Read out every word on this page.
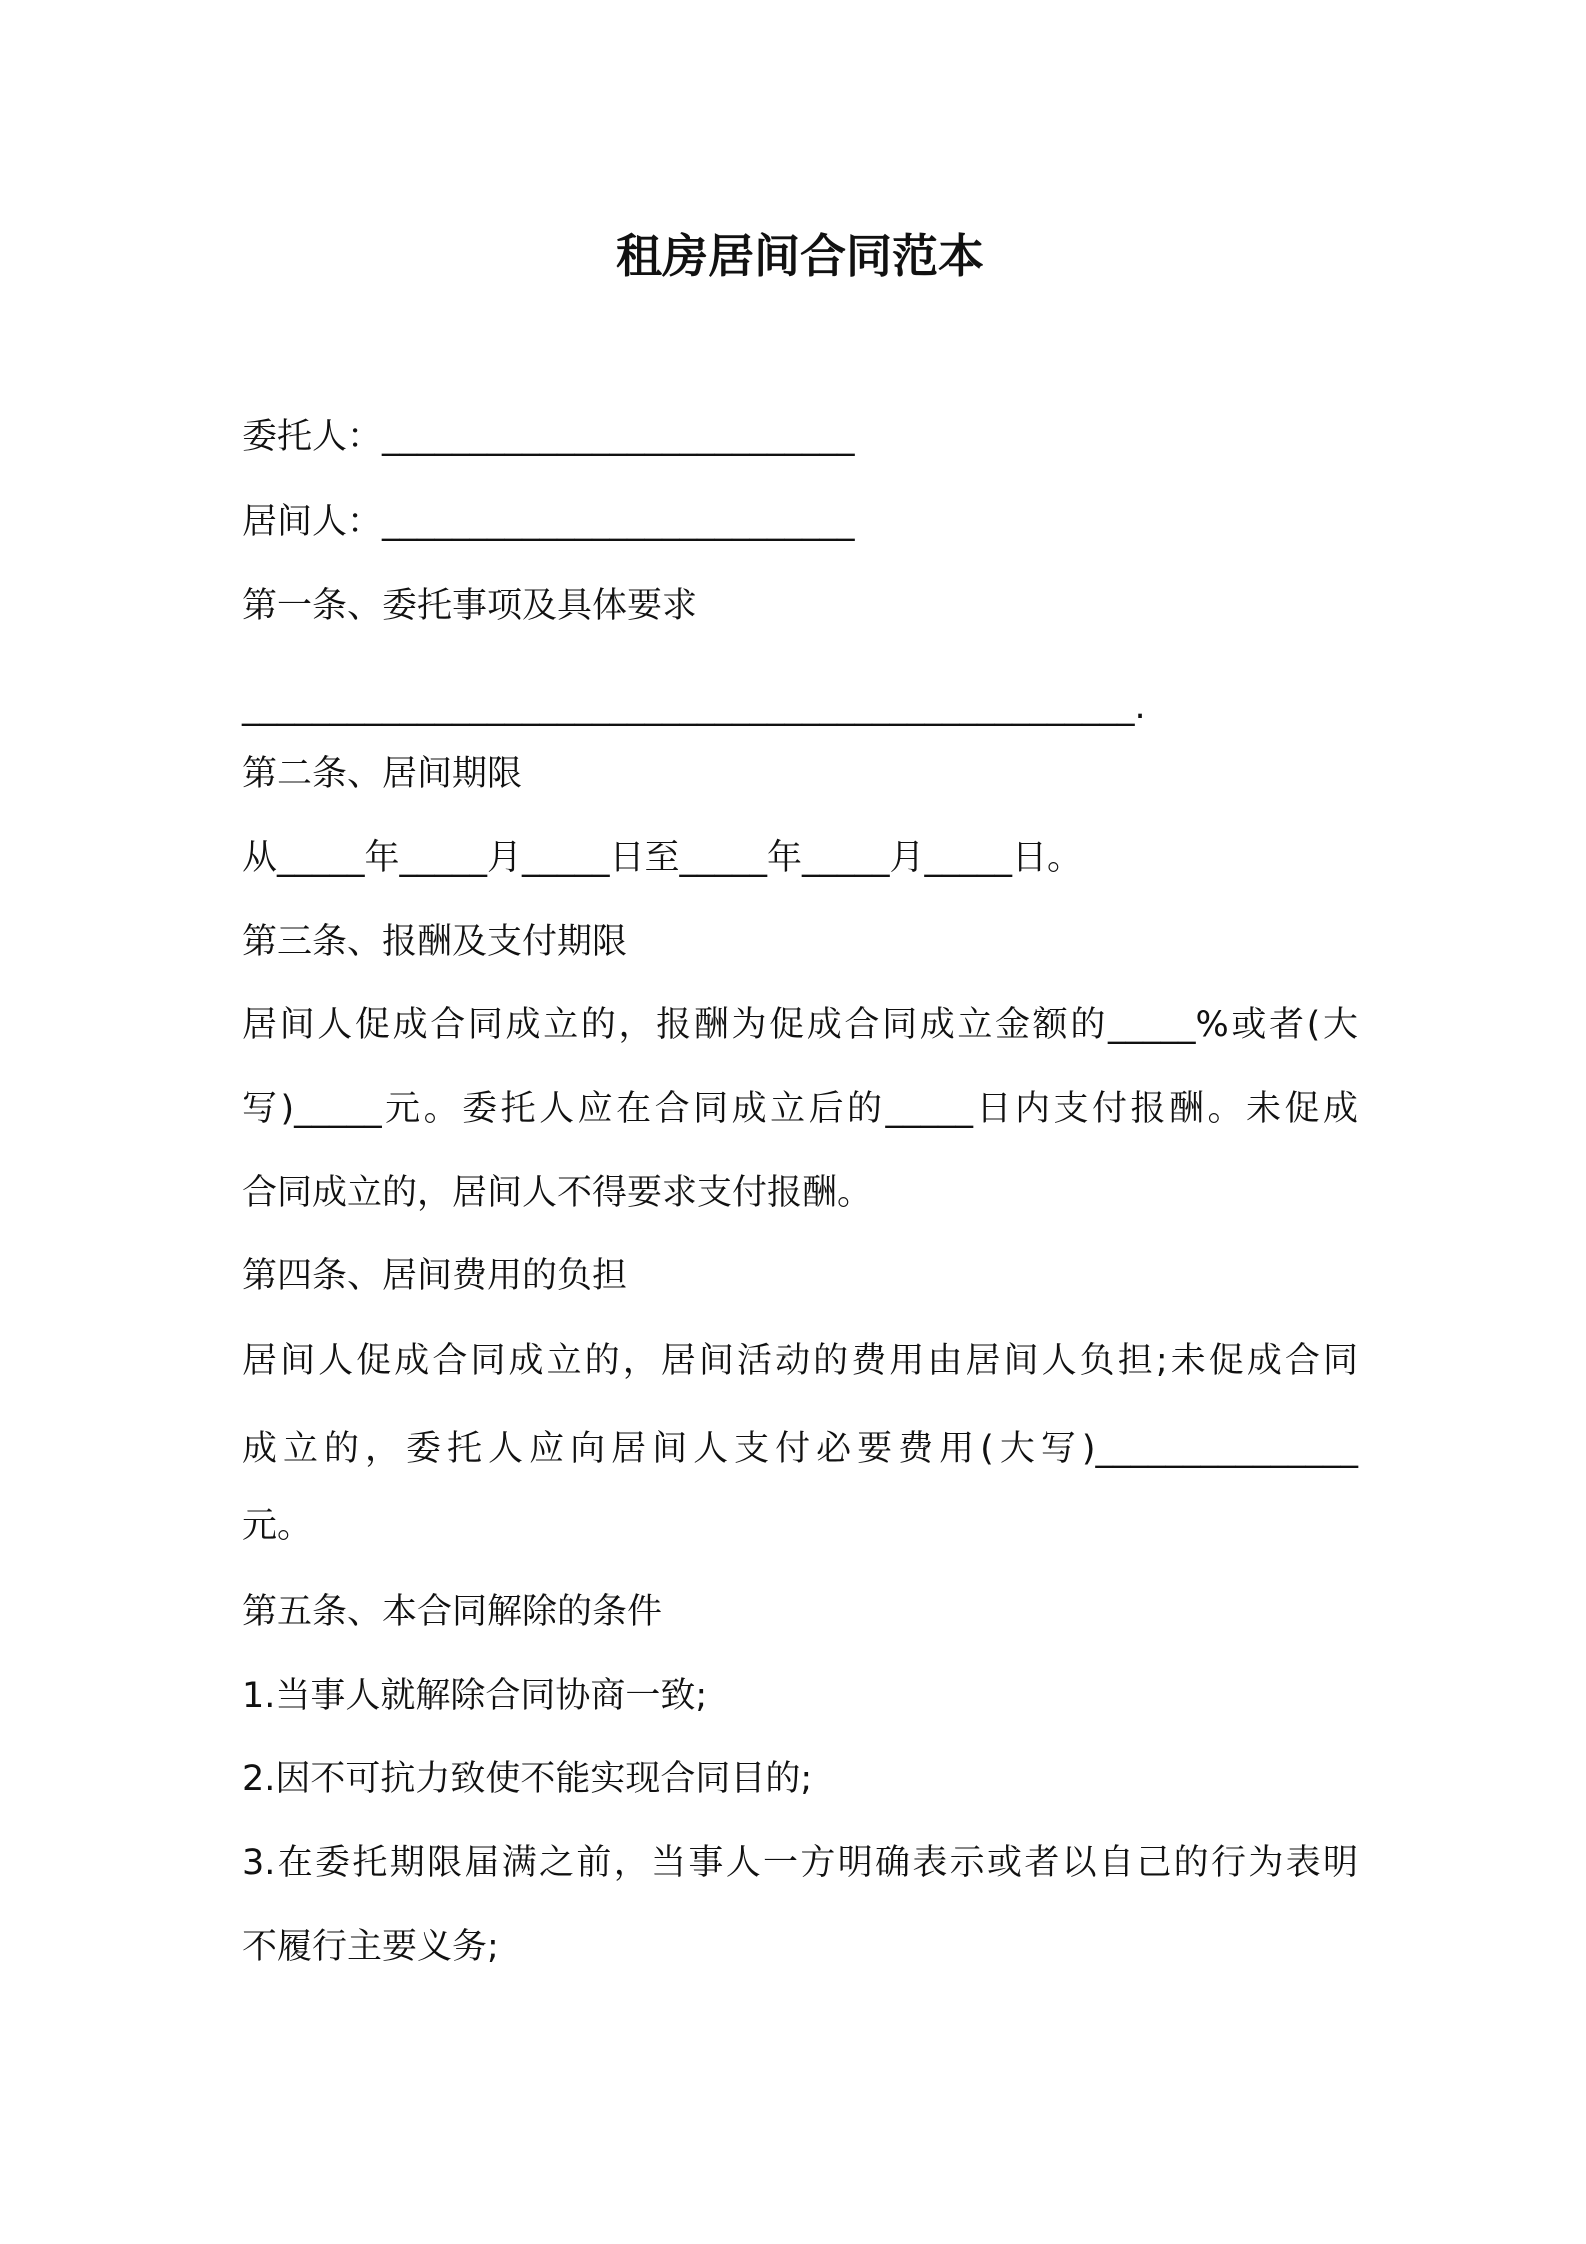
租房居间合同范本
委托人：___________________________
居间人：___________________________
第一条、委托事项及具体要求
___________________________________________________.
第二条、居间期限
从_____年_____月_____日至_____年_____月_____日。
第三条、报酬及支付期限
居间人促成合同成立的，报酬为促成合同成立金额的_____%或者(大
写)_____元。委托人应在合同成立后的_____日内支付报酬。未促成
合同成立的，居间人不得要求支付报酬。
第四条、居间费用的负担
居间人促成合同成立的，居间活动的费用由居间人负担;未促成合同
成立的，委托人应向居间人支付必要费用(大写)_______________
元。
第五条、本合同解除的条件
1.当事人就解除合同协商一致;
2.因不可抗力致使不能实现合同目的;
3.在委托期限届满之前，当事人一方明确表示或者以自己的行为表明
不履行主要义务;
